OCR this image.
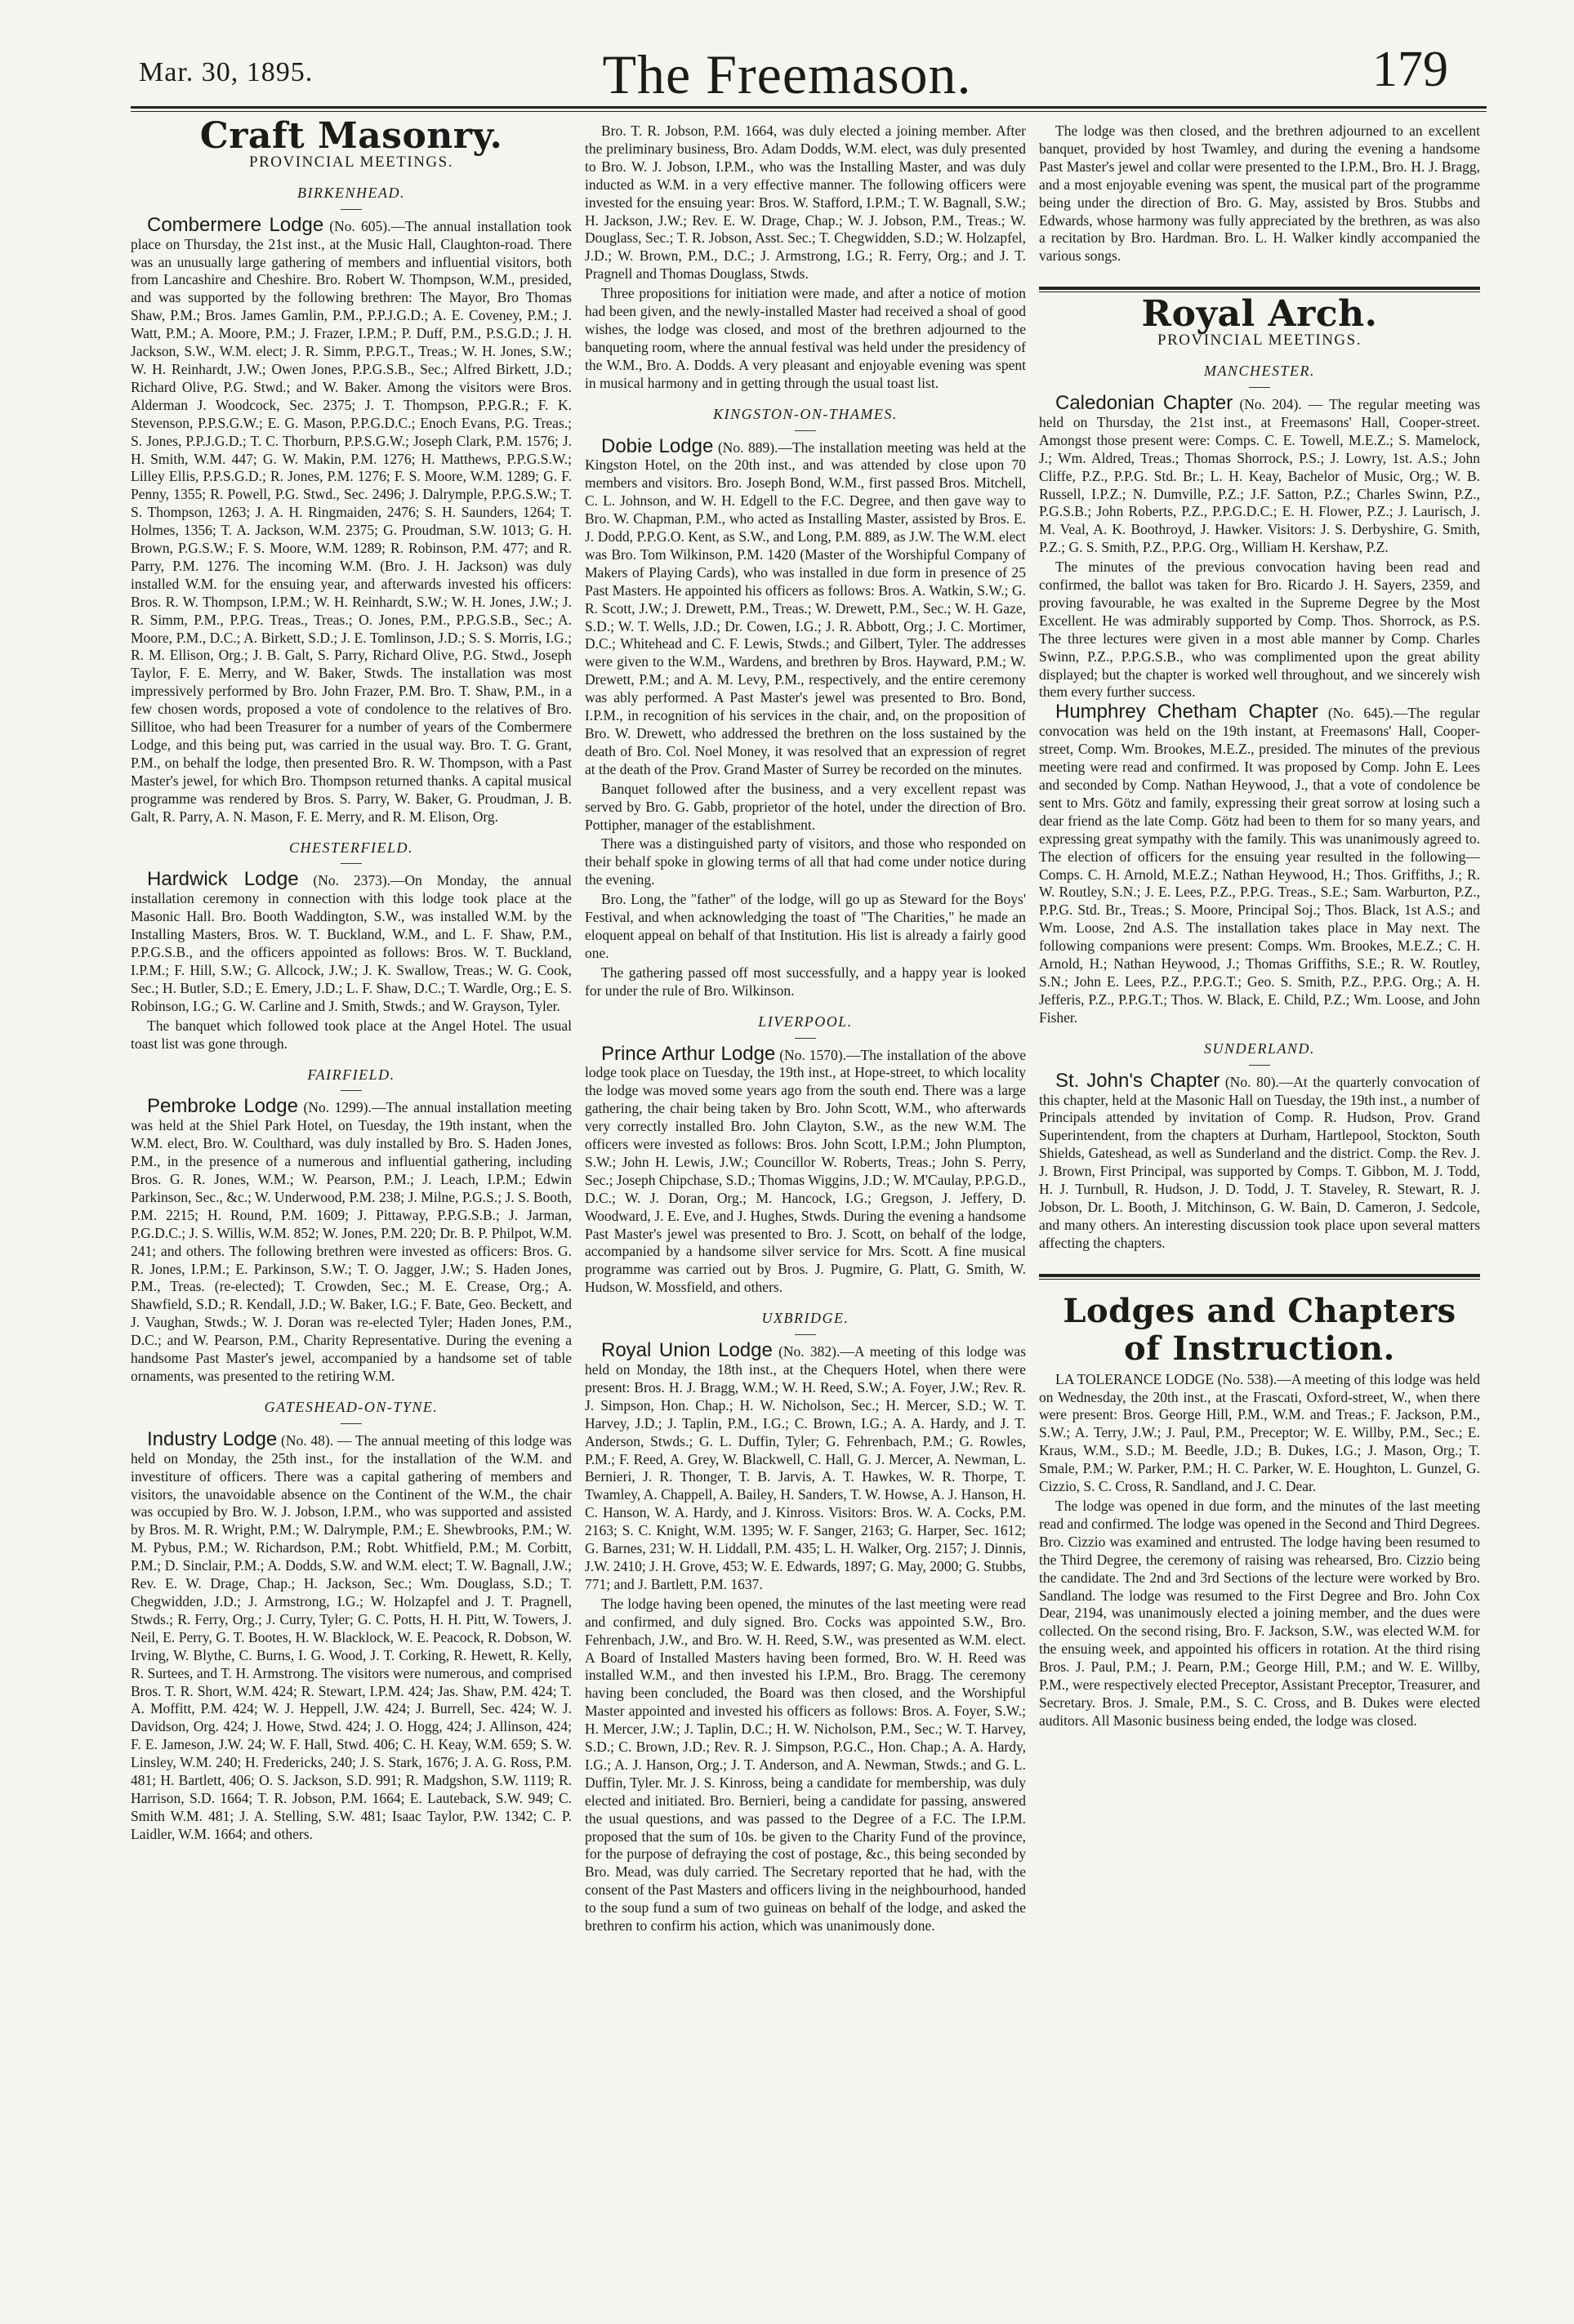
Mar. 30, 1895.	The Freemason.	179
Craft Masonry.
PROVINCIAL MEETINGS.
BIRKENHEAD.

Combermere Lodge (No. 605).—The annual installation took place on Thursday, the 21st inst., at the Music Hall, Claughton-road. There was an unusually large gathering of members and influential visitors, both from Lancashire and Cheshire. Bro. Robert W. Thompson, W.M., presided, and was supported by the following brethren: The Mayor, Bro Thomas Shaw, P.M.; Bros. James Gamlin, P.M., P.P.J.G.D.; A. E. Coveney, P.M.; J. Watt, P.M.; A. Moore, P.M.; J. Frazer, I.P.M.; P. Duff, P.M., P.S.G.D.; J. H. Jackson, S.W., W.M. elect; J. R. Simm, P.P.G.T., Treas.; W. H. Jones, S.W.; W. H. Reinhardt, J.W.; Owen Jones, P.P.G.S.B., Sec.; Alfred Birkett, J.D.; Richard Olive, P.G. Stwd.; and W. Baker. Among the visitors were Bros. Alderman J. Woodcock, Sec. 2375; J. T. Thompson, P.P.G.R.; F. K. Stevenson, P.P.S.G.W.; E. G. Mason, P.P.G.D.C.; Enoch Evans, P.G. Treas.; S. Jones, P.P.J.G.D.; T. C. Thorburn, P.P.S.G.W.; Joseph Clark, P.M. 1576; J. H. Smith, W.M. 447; G. W. Makin, P.M. 1276; H. Matthews, P.P.G.S.W.; Lilley Ellis, P.P.S.G.D.; R. Jones, P.M. 1276; F. S. Moore, W.M. 1289; G. F. Penny, 1355; R. Powell, P.G. Stwd., Sec. 2496; J. Dalrymple, P.P.G.S.W.; T. S. Thompson, 1263; J. A. H. Ringmaiden, 2476; S. H. Saunders, 1264; T. Holmes, 1356; T. A. Jackson, W.M. 2375; G. Proudman, S.W. 1013; G. H. Brown, P.G.S.W.; F. S. Moore, W.M. 1289; R. Robinson, P.M. 477; and R. Parry, P.M. 1276. The incoming W.M. (Bro. J. H. Jackson) was duly installed W.M. for the ensuing year, and afterwards invested his officers: Bros. R. W. Thompson, I.P.M.; W. H. Reinhardt, S.W.; W. H. Jones, J.W.; J. R. Simm, P.M., P.P.G. Treas., Treas.; O. Jones, P.M., P.P.G.S.B., Sec.; A. Moore, P.M., D.C.; A. Birkett, S.D.; J. E. Tomlinson, J.D.; S. S. Morris, I.G.; R. M. Ellison, Org.; J. B. Galt, S. Parry, Richard Olive, P.G. Stwd., Joseph Taylor, F. E. Merry, and W. Baker, Stwds. The installation was most impressively performed by Bro. John Frazer, P.M. Bro. T. Shaw, P.M., in a few chosen words, proposed a vote of condolence to the relatives of Bro. Sillitoe, who had been Treasurer for a number of years of the Combermere Lodge, and this being put, was carried in the usual way. Bro. T. G. Grant, P.M., on behalf the lodge, then presented Bro. R. W. Thompson, with a Past Master's jewel, for which Bro. Thompson returned thanks. A capital musical programme was rendered by Bros. S. Parry, W. Baker, G. Proudman, J. B. Galt, R. Parry, A. N. Mason, F. E. Merry, and R. M. Elison, Org.

CHESTERFIELD.

Hardwick Lodge (No. 2373).—On Monday, the annual installation ceremony in connection with this lodge took place at the Masonic Hall. Bro. Booth Waddington, S.W., was installed W.M. by the Installing Masters, Bros. W. T. Buckland, W.M., and L. F. Shaw, P.M., P.P.G.S.B., and the officers appointed as follows: Bros. W. T. Buckland, I.P.M.; F. Hill, S.W.; G. Allcock, J.W.; J. K. Swallow, Treas.; W. G. Cook, Sec.; H. Butler, S.D.; E. Emery, J.D.; L. F. Shaw, D.C.; T. Wardle, Org.; E. S. Robinson, I.G.; G. W. Carline and J. Smith, Stwds.; and W. Grayson, Tyler.

The banquet which followed took place at the Angel Hotel. The usual toast list was gone through.

FAIRFIELD.

Pembroke Lodge (No. 1299).—The annual installation meeting was held at the Shiel Park Hotel, on Tuesday, the 19th instant, when the W.M. elect, Bro. W. Coulthard, was duly installed by Bro. S. Haden Jones, P.M., in the presence of a numerous and influential gathering, including Bros. G. R. Jones, W.M.; W. Pearson, P.M.; J. Leach, I.P.M.; Edwin Parkinson, Sec., &c.; W. Underwood, P.M. 238; J. Milne, P.G.S.; J. S. Booth, P.M. 2215; H. Round, P.M. 1609; J. Pittaway, P.P.G.S.B.; J. Jarman, P.G.D.C.; J. S. Willis, W.M. 852; W. Jones, P.M. 220; Dr. B. P. Philpot, W.M. 241; and others. The following brethren were invested as officers: Bros. G. R. Jones, I.P.M.; E. Parkinson, S.W.; T. O. Jagger, J.W.; S. Haden Jones, P.M., Treas. (re-elected); T. Crowden, Sec.; M. E. Crease, Org.; A. Shawfield, S.D.; R. Kendall, J.D.; W. Baker, I.G.; F. Bate, Geo. Beckett, and J. Vaughan, Stwds.; W. J. Doran was re-elected Tyler; Haden Jones, P.M., D.C.; and W. Pearson, P.M., Charity Representative. During the evening a handsome Past Master's jewel, accompanied by a handsome set of table ornaments, was presented to the retiring W.M.

GATESHEAD-ON-TYNE.

Industry Lodge (No. 48). — The annual meeting of this lodge was held on Monday, the 25th inst., for the installation of the W.M. and investiture of officers. There was a capital gathering of members and visitors, the unavoidable absence on the Continent of the W.M., the chair was occupied by Bro. W. J. Jobson, I.P.M., who was supported and assisted by Bros. M. R. Wright, P.M.; W. Dalrymple, P.M.; E. Shewbrooks, P.M.; W. M. Pybus, P.M.; W. Richardson, P.M.; Robt. Whitfield, P.M.; M. Corbitt, P.M.; D. Sinclair, P.M.; A. Dodds, S.W. and W.M. elect; T. W. Bagnall, J.W.; Rev. E. W. Drage, Chap.; H. Jackson, Sec.; Wm. Douglass, S.D.; T. Chegwidden, J.D.; J. Armstrong, I.G.; W. Holzapfel and J. T. Pragnell, Stwds.; R. Ferry, Org.; J. Curry, Tyler; G. C. Potts, H. H. Pitt, W. Towers, J. Neil, E. Perry, G. T. Bootes, H. W. Blacklock, W. E. Peacock, R. Dobson, W. Irving, W. Blythe, C. Burns, I. G. Wood, J. T. Corking, R. Hewett, R. Kelly, R. Surtees, and T. H. Armstrong. The visitors were numerous, and comprised Bros. T. R. Short, W.M. 424; R. Stewart, I.P.M. 424; Jas. Shaw, P.M. 424; T. A. Moffitt, P.M. 424; W. J. Heppell, J.W. 424; J. Burrell, Sec. 424; W. J. Davidson, Org. 424; J. Howe, Stwd. 424; J. O. Hogg, 424; J. Allinson, 424; F. E. Jameson, J.W. 24; W. F. Hall, Stwd. 406; C. H. Keay, W.M. 659; S. W. Linsley, W.M. 240; H. Fredericks, 240; J. S. Stark, 1676; J. A. G. Ross, P.M. 481; H. Bartlett, 406; O. S. Jackson, S.D. 991; R. Madgshon, S.W. 1119; R. Harrison, S.D. 1664; T. R. Jobson, P.M. 1664; E. Lauteback, S.W. 949; C. Smith W.M. 481; J. A. Stelling, S.W. 481; Isaac Taylor, P.W. 1342; C. P. Laidler, W.M. 1664; and others.

Bro. T. R. Jobson, P.M. 1664, was duly elected a joining member. After the preliminary business, Bro. Adam Dodds, W.M. elect, was duly presented to Bro. W. J. Jobson, I.P.M., who was the Installing Master, and was duly inducted as W.M. in a very effective manner. The following officers were invested for the ensuing year: Bros. W. Stafford, I.P.M.; T. W. Bagnall, S.W.; H. Jackson, J.W.; Rev. E. W. Drage, Chap.; W. J. Jobson, P.M., Treas.; W. Douglass, Sec.; T. R. Jobson, Asst. Sec.; T. Chegwidden, S.D.; W. Holzapfel, J.D.; W. Brown, P.M., D.C.; J. Armstrong, I.G.; R. Ferry, Org.; and J. T. Pragnell and Thomas Douglass, Stwds.

Three propositions for initiation were made, and after a notice of motion had been given, and the newly-installed Master had received a shoal of good wishes, the lodge was closed, and most of the brethren adjourned to the banqueting room, where the annual festival was held under the presidency of the W.M., Bro. A. Dodds. A very pleasant and enjoyable evening was spent in musical harmony and in getting through the usual toast list.

KINGSTON-ON-THAMES.

Dobie Lodge (No. 889).—The installation meeting was held at the Kingston Hotel, on the 20th inst., and was attended by close upon 70 members and visitors. Bro. Joseph Bond, W.M., first passed Bros. Mitchell, C. L. Johnson, and W. H. Edgell to the F.C. Degree, and then gave way to Bro. W. Chapman, P.M., who acted as Installing Master, assisted by Bros. E. J. Dodd, P.P.G.O. Kent, as S.W., and Long, P.M. 889, as J.W. The W.M. elect was Bro. Tom Wilkinson, P.M. 1420 (Master of the Worshipful Company of Makers of Playing Cards), who was installed in due form in presence of 25 Past Masters. He appointed his officers as follows: Bros. A. Watkin, S.W.; G. R. Scott, J.W.; J. Drewett, P.M., Treas.; W. Drewett, P.M., Sec.; W. H. Gaze, S.D.; W. T. Wells, J.D.; Dr. Cowen, I.G.; J. R. Abbott, Org.; J. C. Mortimer, D.C.; Whitehead and C. F. Lewis, Stwds.; and Gilbert, Tyler. The addresses were given to the W.M., Wardens, and brethren by Bros. Hayward, P.M.; W. Drewett, P.M.; and A. M. Levy, P.M., respectively, and the entire ceremony was ably performed. A Past Master's jewel was presented to Bro. Bond, I.P.M., in recognition of his services in the chair, and, on the proposition of Bro. W. Drewett, who addressed the brethren on the loss sustained by the death of Bro. Col. Noel Money, it was resolved that an expression of regret at the death of the Prov. Grand Master of Surrey be recorded on the minutes.

Banquet followed after the business, and a very excellent repast was served by Bro. G. Gabb, proprietor of the hotel, under the direction of Bro. Pottipher, manager of the establishment.

There was a distinguished party of visitors, and those who responded on their behalf spoke in glowing terms of all that had come under notice during the evening.

Bro. Long, the "father" of the lodge, will go up as Steward for the Boys' Festival, and when acknowledging the toast of "The Charities," he made an eloquent appeal on behalf of that Institution. His list is already a fairly good one.

The gathering passed off most successfully, and a happy year is looked for under the rule of Bro. Wilkinson.

LIVERPOOL.

Prince Arthur Lodge (No. 1570).—The installation of the above lodge took place on Tuesday, the 19th inst., at Hope-street, to which locality the lodge was moved some years ago from the south end. There was a large gathering, the chair being taken by Bro. John Scott, W.M., who afterwards very correctly installed Bro. John Clayton, S.W., as the new W.M. The officers were invested as follows: Bros. John Scott, I.P.M.; John Plumpton, S.W.; John H. Lewis, J.W.; Councillor W. Roberts, Treas.; John S. Perry, Sec.; Joseph Chipchase, S.D.; Thomas Wiggins, J.D.; W. M'Caulay, P.P.G.D., D.C.; W. J. Doran, Org.; M. Hancock, I.G.; Gregson, J. Jeffery, D. Woodward, J. E. Eve, and J. Hughes, Stwds. During the evening a handsome Past Master's jewel was presented to Bro. J. Scott, on behalf of the lodge, accompanied by a handsome silver service for Mrs. Scott. A fine musical programme was carried out by Bros. J. Pugmire, G. Platt, G. Smith, W. Hudson, W. Mossfield, and others.

UXBRIDGE.

Royal Union Lodge (No. 382).—A meeting of this lodge was held on Monday, the 18th inst., at the Chequers Hotel, when there were present: Bros. H. J. Bragg, W.M.; W. H. Reed, S.W.; A. Foyer, J.W.; Rev. R. J. Simpson, Hon. Chap.; H. W. Nicholson, Sec.; H. Mercer, S.D.; W. T. Harvey, J.D.; J. Taplin, P.M., I.G.; C. Brown, I.G.; A. A. Hardy, and J. T. Anderson, Stwds.; G. L. Duffin, Tyler; G. Fehrenbach, P.M.; G. Rowles, P.M.; F. Reed, A. Grey, W. Blackwell, C. Hall, G. J. Mercer, A. Newman, L. Bernieri, J. R. Thonger, T. B. Jarvis, A. T. Hawkes, W. R. Thorpe, T. Twamley, A. Chappell, A. Bailey, H. Sanders, T. W. Howse, A. J. Hanson, H. C. Hanson, W. A. Hardy, and J. Kinross. Visitors: Bros. W. A. Cocks, P.M. 2163; S. C. Knight, W.M. 1395; W. F. Sanger, 2163; G. Harper, Sec. 1612; G. Barnes, 231; W. H. Liddall, P.M. 435; L. H. Walker, Org. 2157; J. Dinnis, J.W. 2410; J. H. Grove, 453; W. E. Edwards, 1897; G. May, 2000; G. Stubbs, 771; and J. Bartlett, P.M. 1637.

The lodge having been opened, the minutes of the last meeting were read and confirmed, and duly signed. Bro. Cocks was appointed S.W., Bro. Fehrenbach, J.W., and Bro. W. H. Reed, S.W., was presented as W.M. elect. A Board of Installed Masters having been formed, Bro. W. H. Reed was installed W.M., and then invested his I.P.M., Bro. Bragg. The ceremony having been concluded, the Board was then closed, and the Worshipful Master appointed and invested his officers as follows: Bros. A. Foyer, S.W.; H. Mercer, J.W.; J. Taplin, D.C.; H. W. Nicholson, P.M., Sec.; W. T. Harvey, S.D.; C. Brown, J.D.; Rev. R. J. Simpson, P.G.C., Hon. Chap.; A. A. Hardy, I.G.; A. J. Hanson, Org.; J. T. Anderson, and A. Newman, Stwds.; and G. L. Duffin, Tyler. Mr. J. S. Kinross, being a candidate for membership, was duly elected and initiated. Bro. Bernieri, being a candidate for passing, answered the usual questions, and was passed to the Degree of a F.C. The I.P.M. proposed that the sum of 10s. be given to the Charity Fund of the province, for the purpose of defraying the cost of postage, &c., this being seconded by Bro. Mead, was duly carried. The Secretary reported that he had, with the consent of the Past Masters and officers living in the neighbourhood, handed to the soup fund a sum of two guineas on behalf of the lodge, and asked the brethren to confirm his action, which was unanimously done.

The lodge was then closed, and the brethren adjourned to an excellent banquet, provided by host Twamley, and during the evening a handsome Past Master's jewel and collar were presented to the I.P.M., Bro. H. J. Bragg, and a most enjoyable evening was spent, the musical part of the programme being under the direction of Bro. G. May, assisted by Bros. Stubbs and Edwards, whose harmony was fully appreciated by the brethren, as was also a recitation by Bro. Hardman. Bro. L. H. Walker kindly accompanied the various songs.

Royal Arch.
PROVINCIAL MEETINGS.
MANCHESTER.

Caledonian Chapter (No. 204). — The regular meeting was held on Thursday, the 21st inst., at Freemasons' Hall, Cooper-street. Amongst those present were: Comps. C. E. Towell, M.E.Z.; S. Mamelock, J.; Wm. Aldred, Treas.; Thomas Shorrock, P.S.; J. Lowry, 1st. A.S.; John Cliffe, P.Z., P.P.G. Std. Br.; L. H. Keay, Bachelor of Music, Org.; W. B. Russell, I.P.Z.; N. Dumville, P.Z.; J.F. Satton, P.Z.; Charles Swinn, P.Z., P.G.S.B.; John Roberts, P.Z., P.P.G.D.C.; E. H. Flower, P.Z.; J. Laurisch, J. M. Veal, A. K. Boothroyd, J. Hawker. Visitors: J. S. Derbyshire, G. Smith, P.Z.; G. S. Smith, P.Z., P.P.G. Org., William H. Kershaw, P.Z.

The minutes of the previous convocation having been read and confirmed, the ballot was taken for Bro. Ricardo J. H. Sayers, 2359, and proving favourable, he was exalted in the Supreme Degree by the Most Excellent. He was admirably supported by Comp. Thos. Shorrock, as P.S. The three lectures were given in a most able manner by Comp. Charles Swinn, P.Z., P.P.G.S.B., who was complimented upon the great ability displayed; but the chapter is worked well throughout, and we sincerely wish them every further success.

Humphrey Chetham Chapter (No. 645).—The regular convocation was held on the 19th instant, at Freemasons' Hall, Cooper-street, Comp. Wm. Brookes, M.E.Z., presided. The minutes of the previous meeting were read and confirmed. It was proposed by Comp. John E. Lees and seconded by Comp. Nathan Heywood, J., that a vote of condolence be sent to Mrs. Götz and family, expressing their great sorrow at losing such a dear friend as the late Comp. Götz had been to them for so many years, and expressing great sympathy with the family. This was unanimously agreed to. The election of officers for the ensuing year resulted in the following—Comps. C. H. Arnold, M.E.Z.; Nathan Heywood, H.; Thos. Griffiths, J.; R. W. Routley, S.N.; J. E. Lees, P.Z., P.P.G. Treas., S.E.; Sam. Warburton, P.Z., P.P.G. Std. Br., Treas.; S. Moore, Principal Soj.; Thos. Black, 1st A.S.; and Wm. Loose, 2nd A.S. The installation takes place in May next. The following companions were present: Comps. Wm. Brookes, M.E.Z.; C. H. Arnold, H.; Nathan Heywood, J.; Thomas Griffiths, S.E.; R. W. Routley, S.N.; John E. Lees, P.Z., P.P.G.T.; Geo. S. Smith, P.Z., P.P.G. Org.; A. H. Jefferis, P.Z., P.P.G.T.; Thos. W. Black, E. Child, P.Z.; Wm. Loose, and John Fisher.

SUNDERLAND.

St. John's Chapter (No. 80).—At the quarterly convocation of this chapter, held at the Masonic Hall on Tuesday, the 19th inst., a number of Principals attended by invitation of Comp. R. Hudson, Prov. Grand Superintendent, from the chapters at Durham, Hartlepool, Stockton, South Shields, Gateshead, as well as Sunderland and the district. Comp. the Rev. J. J. Brown, First Principal, was supported by Comps. T. Gibbon, M. J. Todd, H. J. Turnbull, R. Hudson, J. D. Todd, J. T. Staveley, R. Stewart, R. J. Jobson, Dr. L. Booth, J. Mitchinson, G. W. Bain, D. Cameron, J. Sedcole, and many others. An interesting discussion took place upon several matters affecting the chapters.

Lodges and Chapters of Instruction.

LA TOLERANCE LODGE (No. 538).—A meeting of this lodge was held on Wednesday, the 20th inst., at the Frascati, Oxford-street, W., when there were present: Bros. George Hill, P.M., W.M. and Treas.; F. Jackson, P.M., S.W.; A. Terry, J.W.; J. Paul, P.M., Preceptor; W. E. Willby, P.M., Sec.; E. Kraus, W.M., S.D.; M. Beedle, J.D.; B. Dukes, I.G.; J. Mason, Org.; T. Smale, P.M.; W. Parker, P.M.; H. C. Parker, W. E. Houghton, L. Gunzel, G. Cizzio, S. C. Cross, R. Sandland, and J. C. Dear.

The lodge was opened in due form, and the minutes of the last meeting read and confirmed. The lodge was opened in the Second and Third Degrees. Bro. Cizzio was examined and entrusted. The lodge having been resumed to the Third Degree, the ceremony of raising was rehearsed, Bro. Cizzio being the candidate. The 2nd and 3rd Sections of the lecture were worked by Bro. Sandland. The lodge was resumed to the First Degree and Bro. John Cox Dear, 2194, was unanimously elected a joining member, and the dues were collected. On the second rising, Bro. F. Jackson, S.W., was elected W.M. for the ensuing week, and appointed his officers in rotation. At the third rising Bros. J. Paul, P.M.; J. Pearn, P.M.; George Hill, P.M.; and W. E. Willby, P.M., were respectively elected Preceptor, Assistant Preceptor, Treasurer, and Secretary. Bros. J. Smale, P.M., S. C. Cross, and B. Dukes were elected auditors. All Masonic business being ended, the lodge was closed.
